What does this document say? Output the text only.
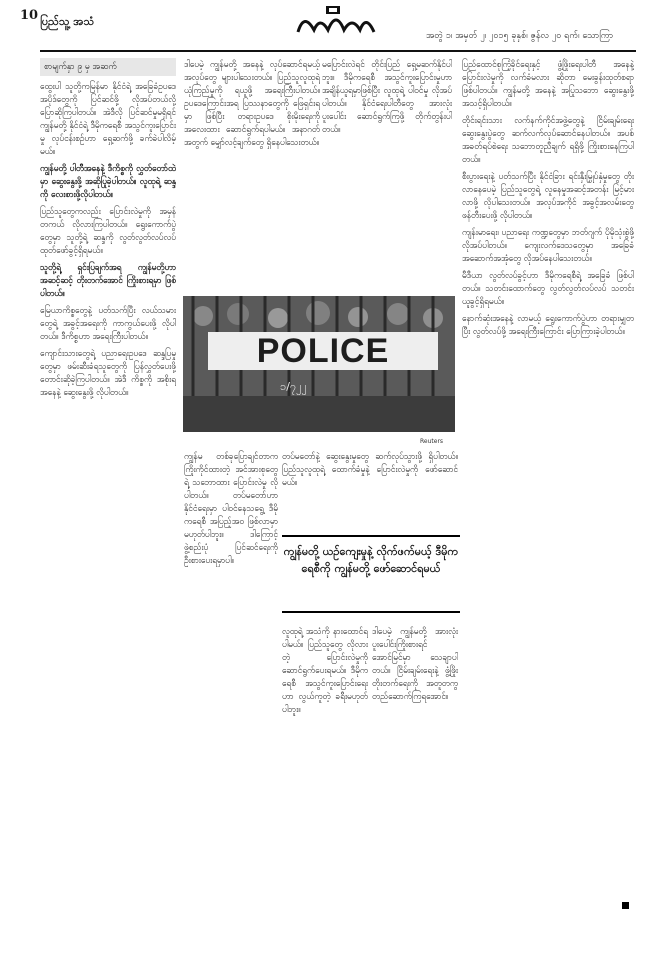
10 ပြည်သူ့ အသံ
အတွဲ ၁၊ အမှတ် ၂၊ ၂၀၁၅ ခုနှစ်၊ ဇွန်လ ၂၀ ရက်၊ သောကြာ
စာမျက်နှာ ၉ မှ အဆက်

ထွေးပါ သူတို့ကမြန်မာ နိုင်ငံရဲ့ အခြေခံဥပဒေ အပိုဒ်တွေကို ပြင်ဆင်ဖို့ လိုအပ်တယ်လို့ ပြောဆိုကြပါတယ်။ အဲဒီလို ပြင်ဆင်မှုမရှိရင် ကျွန်မတို့ နိုင်ငံရဲ့ ဒီမိုကရေစီ အသွင်ကူးပြောင်းမှု လုပ်ငန်းစဉ်ဟာ ရှေ့ဆက်ဖို့ ခက်ခဲပါလိမ့်မယ်။

ကျွန်မတို့ ပါတီအနေနဲ့ ဒီကိစ္စကို လွှတ်တော်ထဲမှာ ဆွေးနွေးဖို့ အဆိုပြုခဲ့ပါတယ်။ လူထုရဲ့ ဆန္ဒကို လေးစားဖို့လိုပါတယ်။

ပြည်သူတွေကလည်း ပြောင်းလဲမှုကို အမှန်တကယ် လိုလားကြပါတယ်။ ရွေးကောက်ပွဲတွေမှာ သူတို့ရဲ့ ဆန္ဒကို လွတ်လွတ်လပ်လပ် ထုတ်ဖော်ခွင့်ရှိရမယ်။

သူတို့ရဲ့ ရှင်းပြချက်အရ ကျွန်မတို့ဟာ အဆင့်ဆင့် တိုးတက်အောင် ကြိုးစားရမှာ ဖြစ်ပါတယ်။

မြေယာကိစ္စတွေနဲ့ ပတ်သက်ပြီး လယ်သမားတွေရဲ့ အခွင့်အရေးကို ကာကွယ်ပေးဖို့ လိုပါတယ်။ ဒီကိစ္စဟာ အရေးကြီးပါတယ်။

ကျောင်းသားတွေရဲ့ ပညာရေးဥပဒေ ဆန္ဒပြမှုတွေမှာ ဖမ်းဆီးခံရသူတွေကို ပြန်လွှတ်ပေးဖို့ တောင်းဆိုခဲ့ကြပါတယ်။ အဲဒီ ကိစ္စကို အစိုးရ အနေနဲ့ ဆွေးနွေးဖို့ လိုပါတယ်။

ဒါပေမဲ့ ကျွန်မတို့ အနေနဲ့ လုပ်ဆောင်ရမယ့် အလုပ်တွေ များပါသေးတယ်။ ပြည်သူလူထုရဲ့ ယုံကြည်မှုကို ရယူဖို့ အရေးကြီးပါတယ်။ ဥပဒေကြောင်းအရ ပြဿနာတွေကို ဖြေရှင်းရမှာ ဖြစ်ပြီး တရားဥပဒေ စိုးမိုးရေးကို အလေးထား ဆောင်ရွက်ရပါမယ်။ အနာဂတ်အတွက် မျှော်လင့်ချက်တွေ ရှိနေပါသေးတယ်။

မပြောင်းလဲရင် တိုင်းပြည် ရှေ့မဆက်နိုင်ပါဘူး။ ဒီမိုကရေစီ အသွင်ကူးပြောင်းမှုဟာ အချိန်ယူရမှာဖြစ်ပြီး လူထုရဲ့ ပါဝင်မှု လိုအပ်ပါတယ်။ နိုင်ငံရေးပါတီတွေ အားလုံး ပူးပေါင်း ဆောင်ရွက်ကြဖို့ တိုက်တွန်းပါတယ်။

ပြည်ထောင်စုကြံ့ခိုင်ရေးနှင့် ဖွံ့ဖြိုးရေးပါတီ အနေနဲ့ ပြောင်းလဲမှုကို လက်ခံမလား ဆိုတာ မေးခွန်းထုတ်စရာ ဖြစ်ပါတယ်။ ကျွန်မတို့ အနေနဲ့ အပြုသဘော ဆွေးနွေးဖို့ အသင့်ရှိပါတယ်။

တိုင်းရင်းသား လက်နက်ကိုင်အဖွဲ့တွေနဲ့ ငြိမ်းချမ်းရေး ဆွေးနွေးပွဲတွေ ဆက်လက်လုပ်ဆောင်နေပါတယ်။ အပစ်အခတ်ရပ်စဲရေး သဘောတူညီချက် ရရှိဖို့ ကြိုးစားနေကြပါတယ်။

စီးပွားရေးနဲ့ ပတ်သက်ပြီး နိုင်ငံခြား ရင်းနှီးမြှုပ်နှံမှုတွေ တိုးလာနေပေမဲ့ ပြည်သူတွေရဲ့ လူနေမှုအဆင့်အတန်း မြင့်မားလာဖို့ လိုပါသေးတယ်။ အလုပ်အကိုင် အခွင့်အလမ်းတွေ ဖန်တီးပေးဖို့ လိုပါတယ်။

ကျန်းမာရေး၊ ပညာရေး ကဏ္ဍတွေမှာ ဘတ်ဂျက် ပိုမိုသုံးစွဲဖို့ လိုအပ်ပါတယ်။ ကျေးလက်ဒေသတွေမှာ အခြေခံ အဆောက်အအုံတွေ လိုအပ်နေပါသေးတယ်။

မီဒီယာ လွတ်လပ်ခွင့်ဟာ ဒီမိုကရေစီရဲ့ အခြေခံ ဖြစ်ပါတယ်။ သတင်းထောက်တွေ လွတ်လွတ်လပ်လပ် သတင်းယူခွင့်ရှိရမယ်။

နောက်ဆုံးအနေနဲ့ လာမယ့် ရွေးကောက်ပွဲဟာ တရားမျှတပြီး လွတ်လပ်ဖို့ အရေးကြီးကြောင်း ပြောကြားခဲ့ပါတယ်။

POLICE
၁/၇၂၂
Reuters

ကျွန်မ တစ်ခုပြောချင်တာက ကြိုးကိုင်ထားတဲ့ အင်အားစုတွေရဲ့ သဘောထား ပြောင်းလဲမှု လိုပါတယ်။ တပ်မတော်ဟာ နိုင်ငံရေးမှာ ပါဝင်နေသရွေ့ ဒီမိုကရေစီ အပြည့်အဝ ဖြစ်လာမှာ မဟုတ်ပါဘူး။ ဒါကြောင့် ဖွဲ့စည်းပုံ ပြင်ဆင်ရေးကို ဦးစားပေးရမှာပါ။

တပ်မတော်နဲ့ ဆွေးနွေးမှုတွေ ဆက်လုပ်သွားဖို့ ရှိပါတယ်။ ပြည်သူလူထုရဲ့ ထောက်ခံမှုနဲ့ ပြောင်းလဲမှုကို ဖော်ဆောင်မယ်။

ကျွန်မတို့ ယဉ်ကျေးမှုနဲ့ လိုက်ဖက်မယ့် ဒီမိုကရေစီကို ကျွန်မတို့ ဖော်ဆောင်ရမယ်

လူထုရဲ့ အသံကို နားထောင်ရပါမယ်။ ပြည်သူတွေ လိုလားတဲ့ ပြောင်းလဲမှုကို ဆောင်ရွက်ပေးရမယ်။ ဒီမိုကရေစီ အသွင်ကူးပြောင်းရေးဟာ လွယ်ကူတဲ့ ခရီးမဟုတ်ပါဘူး။

ဒါပေမဲ့ ကျွန်မတို့ အားလုံး ပူးပေါင်းကြိုးစားရင် အောင်မြင်မှာ သေချာပါတယ်။ ငြိမ်းချမ်းရေးနဲ့ ဖွံ့ဖြိုးတိုးတက်ရေးကို အတူတကွ တည်ဆောက်ကြရအောင်။
